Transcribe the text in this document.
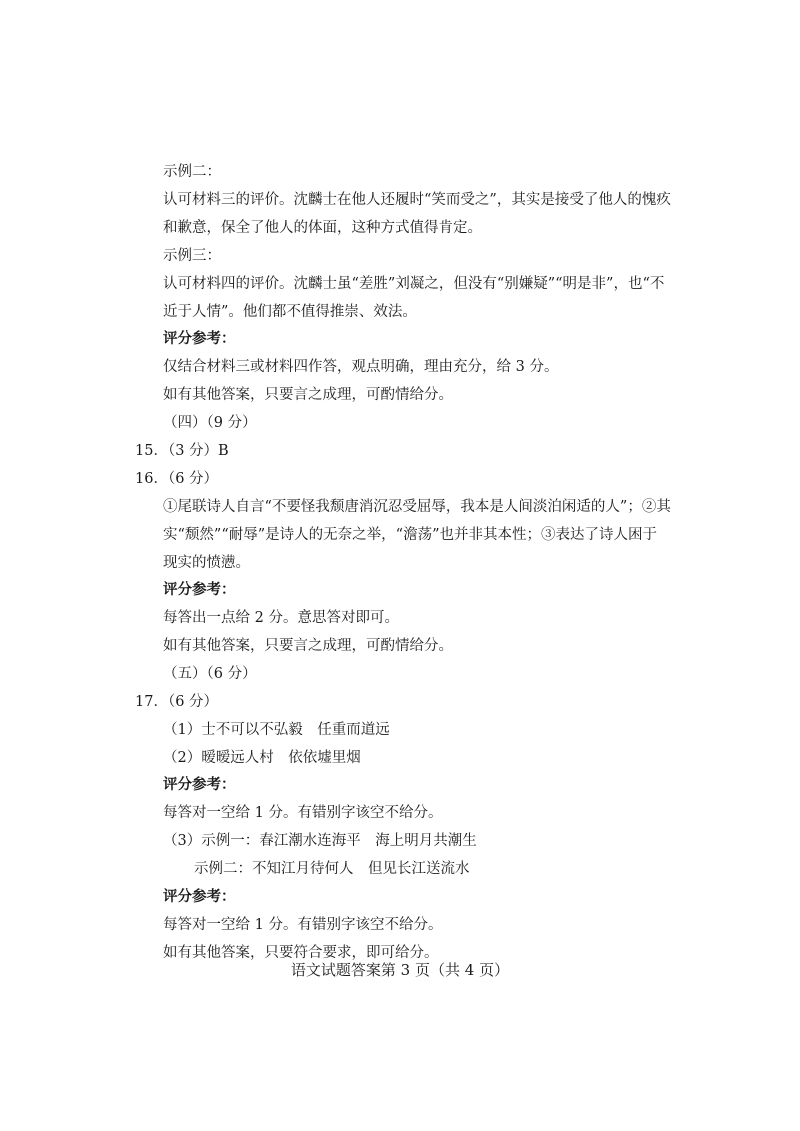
示例二：
认可材料三的评价。沈麟士在他人还履时“笑而受之”，其实是接受了他人的愧疚
和歉意，保全了他人的体面，这种方式值得肯定。
示例三：
认可材料四的评价。沈麟士虽“差胜”刘凝之，但没有“别嫌疑”“明是非”，也“不
近于人情”。他们都不值得推崇、效法。
评分参考：
仅结合材料三或材料四作答，观点明确，理由充分，给 3 分。
如有其他答案，只要言之成理，可酌情给分。
（四）（9 分）
15．（3 分）B
16．（6 分）
①尾联诗人自言“不要怪我颓唐消沉忍受屈辱，我本是人间淡泊闲适的人”；②其
实“颓然”“耐辱”是诗人的无奈之举，“澹荡”也并非其本性；③表达了诗人困于
现实的愤懑。
评分参考：
每答出一点给 2 分。意思答对即可。
如有其他答案，只要言之成理，可酌情给分。
（五）（6 分）
17．（6 分）
（1）士不可以不弘毅　任重而道远
（2）暧暧远人村　依依墟里烟
评分参考：
每答对一空给 1 分。有错别字该空不给分。
（3）示例一：春江潮水连海平　海上明月共潮生
示例二：不知江月待何人　但见长江送流水
评分参考：
每答对一空给 1 分。有错别字该空不给分。
如有其他答案，只要符合要求，即可给分。
语文试题答案第 3 页（共 4 页）
